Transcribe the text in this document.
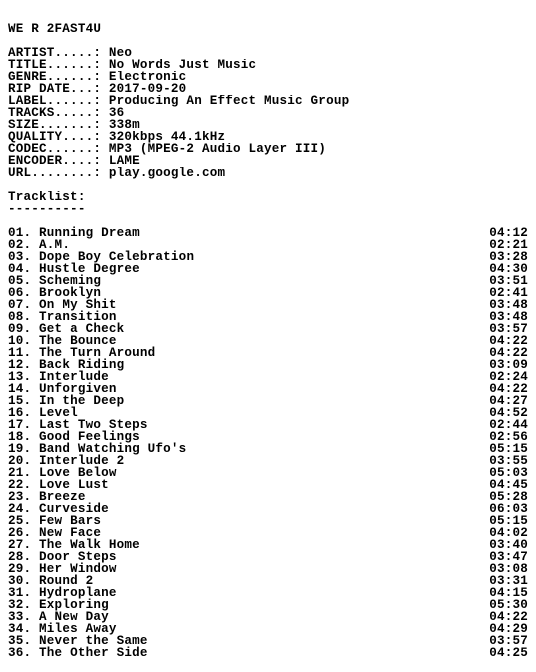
WE R 2FAST4U
ARTIST.....: Neo
TITLE......: No Words Just Music
GENRE......: Electronic
RIP DATE...: 2017-09-20
LABEL......: Producing An Effect Music Group
TRACKS.....: 36
SIZE.......: 338m
QUALITY....: 320kbps 44.1kHz
CODEC......: MP3 (MPEG-2 Audio Layer III)
ENCODER....: LAME
URL........: play.google.com
Tracklist:
----------
01. Running Dream	04:12
02. A.M.	02:21
03. Dope Boy Celebration	03:28
04. Hustle Degree	04:30
05. Scheming	03:51
06. Brooklyn	02:41
07. On My Shit	03:48
08. Transition	03:48
09. Get a Check	03:57
10. The Bounce	04:22
11. The Turn Around	04:22
12. Back Riding	03:09
13. Interlude	02:24
14. Unforgiven	04:22
15. In the Deep	04:27
16. Level	04:52
17. Last Two Steps	02:44
18. Good Feelings	02:56
19. Band Watching Ufo's	05:15
20. Interlude 2	03:55
21. Love Below	05:03
22. Love Lust	04:45
23. Breeze	05:28
24. Curveside	06:03
25. Few Bars	05:15
26. New Face	04:02
27. The Walk Home	03:40
28. Door Steps	03:47
29. Her Window	03:08
30. Round 2	03:31
31. Hydroplane	04:15
32. Exploring	05:30
33. A New Day	04:22
34. Miles Away	04:29
35. Never the Same	03:57
36. The Other Side	04:25
